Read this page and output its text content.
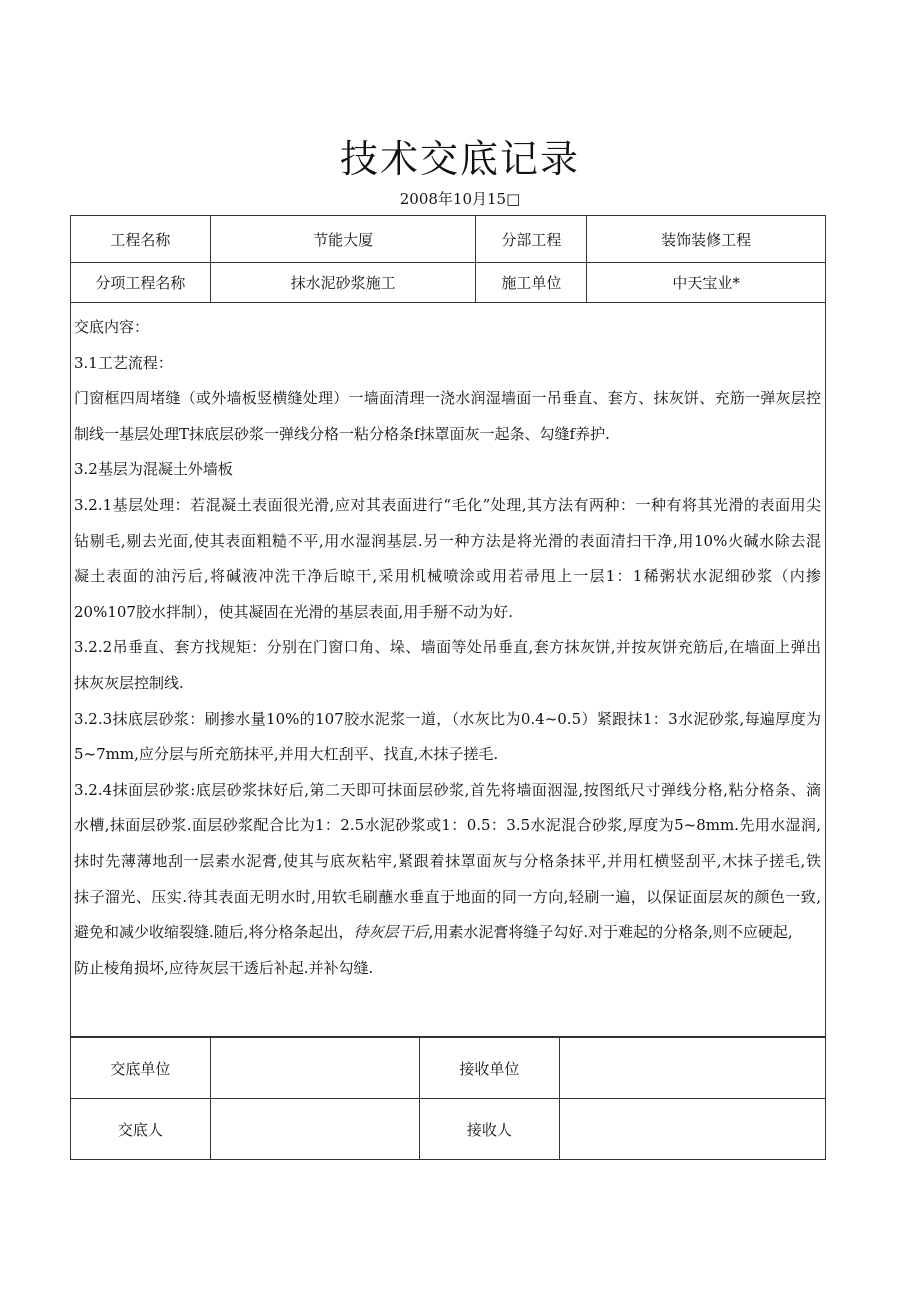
技术交底记录
2008年10月15□
工程名称	节能大厦	分部工程	装饰装修工程
分项工程名称	抹水泥砂浆施工	施工单位	中天宝业*
交底内容：
3.1工艺流程：
门窗框四周堵缝（或外墙板竖横缝处理）一墙面清理一浇水润湿墙面一吊垂直、套方、抹灰饼、充筋一弹灰层控
制线一基层处理T抹底层砂浆一弹线分格一粘分格条f抹罩面灰一起条、勾缝f养护.
3.2基层为混凝土外墙板
3.2.1基层处理：若混凝土表面很光滑,应对其表面进行“毛化”处理,其方法有两种：一种有将其光滑的表面用尖
钻剔毛,剔去光面,使其表面粗糙不平,用水湿润基层.另一种方法是将光滑的表面清扫干净,用10%火碱水除去混
凝土表面的油污后,将碱液冲洗干净后晾干,采用机械喷涂或用若帚甩上一层1：1稀粥状水泥细砂浆（内掺
20%107胶水拌制），使其凝固在光滑的基层表面,用手掰不动为好.
3.2.2吊垂直、套方找规矩：分别在门窗口角、垛、墙面等处吊垂直,套方抹灰饼,并按灰饼充筋后,在墙面上弹出
抹灰灰层控制线.
3.2.3抹底层砂浆：刷掺水量10%的107胶水泥浆一道，（水灰比为0.4~0.5）紧跟抹1：3水泥砂浆,每遍厚度为
5~7mm,应分层与所充筋抹平,并用大杠刮平、找直,木抹子搓毛.
3.2.4抹面层砂浆:底层砂浆抹好后,第二天即可抹面层砂浆,首先将墙面洇湿,按图纸尺寸弹线分格,粘分格条、滴
水槽,抹面层砂浆.面层砂浆配合比为1：2.5水泥砂浆或1：0.5：3.5水泥混合砂浆,厚度为5~8mm.先用水湿润,
抹时先薄薄地刮一层素水泥膏,使其与底灰粘牢,紧跟着抹罩面灰与分格条抹平,并用杠横竖刮平,木抹子搓毛,铁
抹子溜光、压实.待其表面无明水时,用软毛刷蘸水垂直于地面的同一方向,轻刷一遍，以保证面层灰的颜色一致,
避免和减少收缩裂缝.随后,将分格条起出，待灰层干后,用素水泥膏将缝子勾好.对于难起的分格条,则不应硬起,
防止棱角损坏,应待灰层干透后补起.并补勾缝.
交底单位		接收单位	
交底人		接收人	
